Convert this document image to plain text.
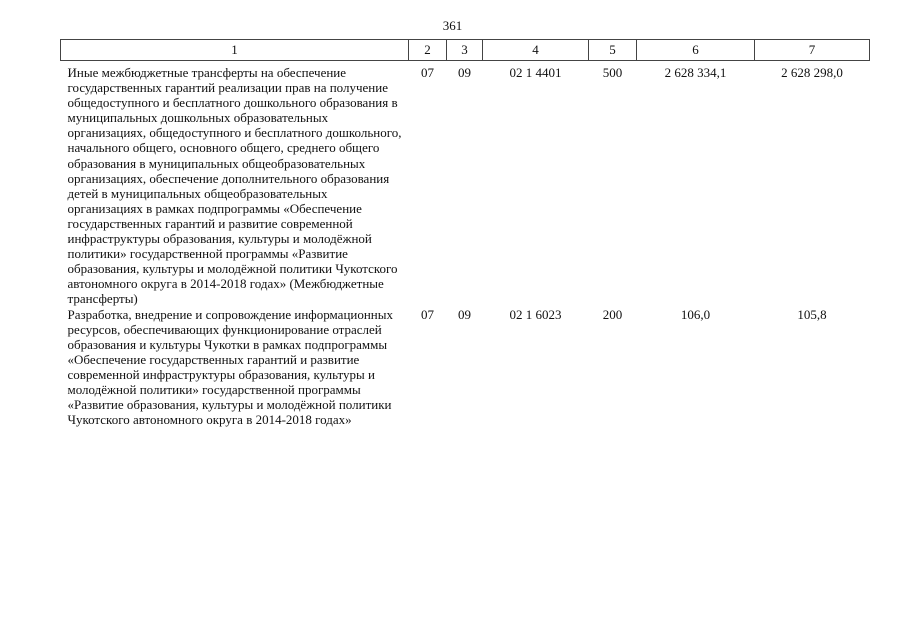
361
1	2	3	4	5	6	7
Иные межбюджетные трансферты на обеспечение государственных гарантий реализации прав на получение общедоступного и бесплатного дошкольного образования в муниципальных дошкольных образовательных организациях, общедоступного и бесплатного дошкольного, начального общего, основного общего, среднего общего образования в муниципальных общеобразовательных организациях, обеспечение дополнительного образования детей в муниципальных общеобразовательных организациях в рамках подпрограммы «Обеспечение государственных гарантий и развитие современной инфраструктуры образования, культуры и молодёжной политики» государственной программы «Развитие образования, культуры и молодёжной политики Чукотского автономного округа в 2014-2018 годах» (Межбюджетные трансферты)	07	09	02 1 4401	500	2 628 334,1	2 628 298,0
Разработка, внедрение и сопровождение информационных ресурсов, обеспечивающих функционирование отраслей образования и культуры Чукотки в рамках подпрограммы «Обеспечение государственных гарантий и развитие современной инфраструктуры образования, культуры и молодёжной политики» государственной программы «Развитие образования, культуры и молодёжной политики Чукотского автономного округа в 2014-2018 годах»	07	09	02 1 6023	200	106,0	105,8
